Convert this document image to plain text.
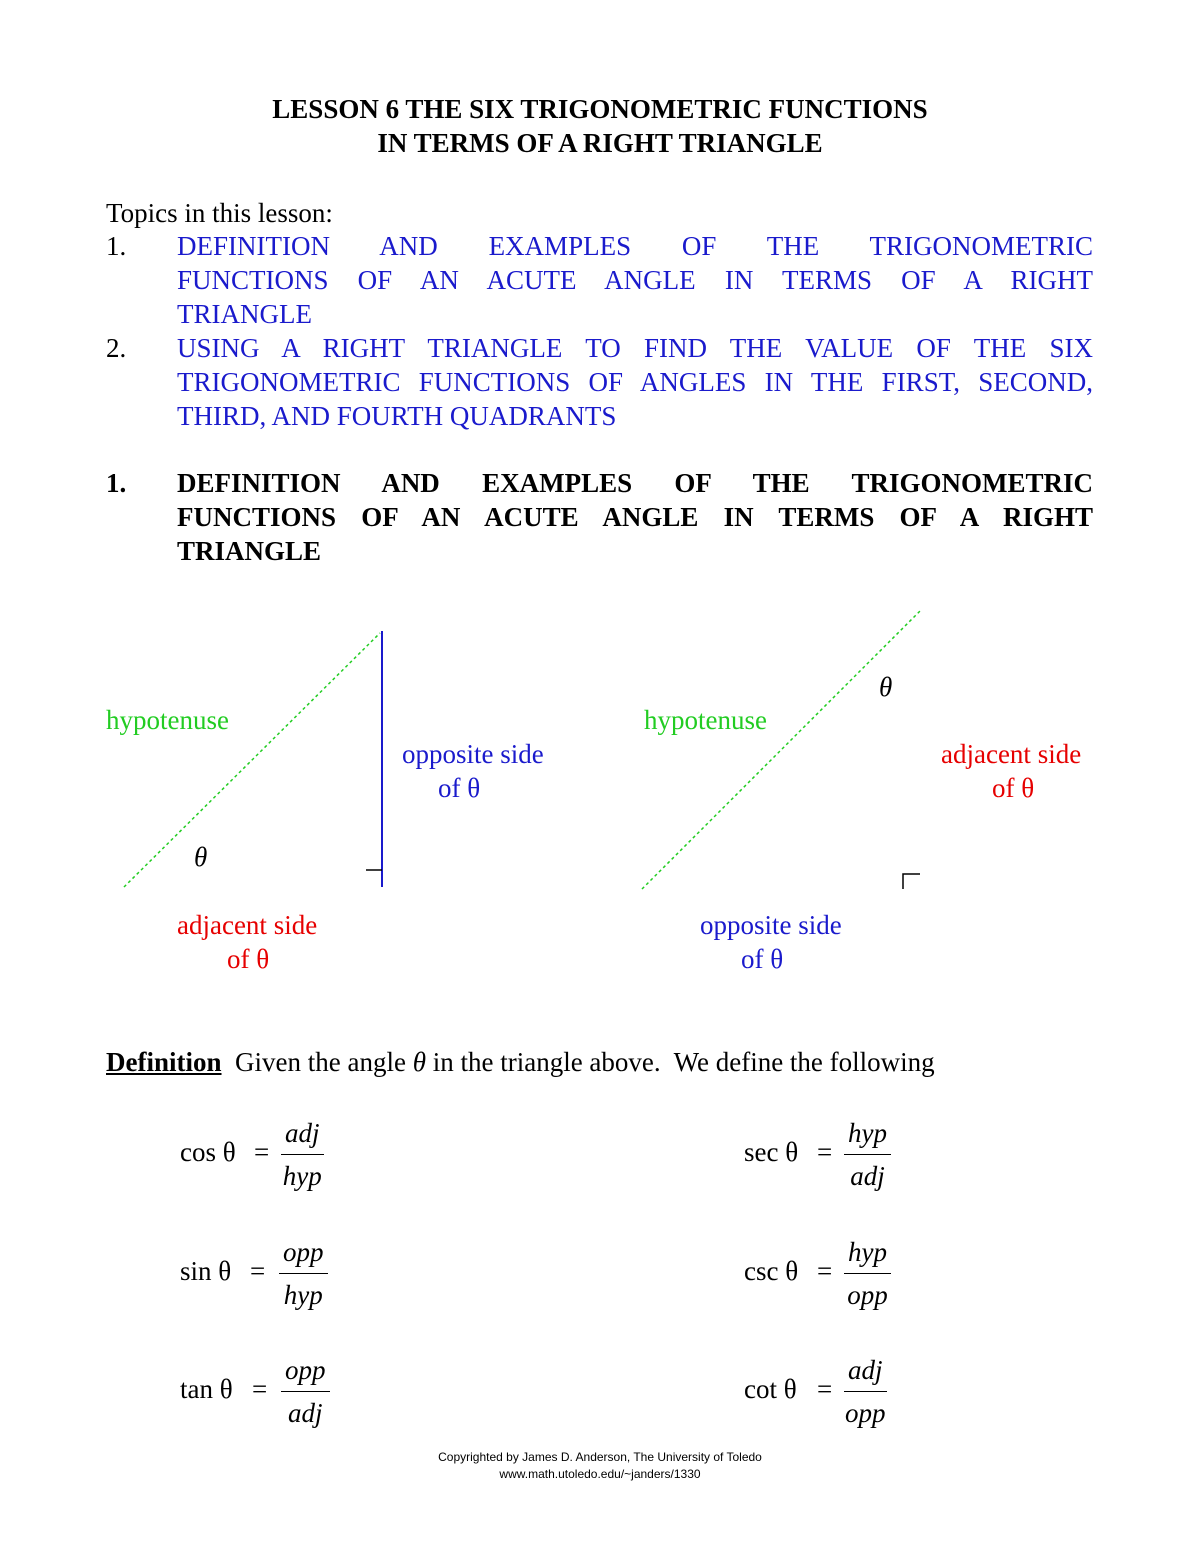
LESSON 6 THE SIX TRIGONOMETRIC FUNCTIONS
IN TERMS OF A RIGHT TRIANGLE
Topics in this lesson:
1. DEFINITION AND EXAMPLES OF THE TRIGONOMETRIC
FUNCTIONS OF AN ACUTE ANGLE IN TERMS OF A RIGHT
TRIANGLE
2. USING A RIGHT TRIANGLE TO FIND THE VALUE OF THE SIX
TRIGONOMETRIC FUNCTIONS OF ANGLES IN THE FIRST, SECOND,
THIRD, AND FOURTH QUADRANTS
1. DEFINITION AND EXAMPLES OF THE TRIGONOMETRIC
FUNCTIONS OF AN ACUTE ANGLE IN TERMS OF A RIGHT
TRIANGLE
hypotenuse
opposite side
of θ
θ
adjacent side
of θ
θ
hypotenuse
adjacent side
of θ
opposite side
of θ
Definition Given the angle θ in the triangle above.  We define the following
cos θ =
adj
hyp
sin θ =
opp
hyp
tan θ =
opp
adj
sec θ =
hyp
adj
csc θ =
hyp
opp
cot θ =
adj
opp
Copyrighted by James D. Anderson, The University of Toledo
www.math.utoledo.edu/~janders/1330
